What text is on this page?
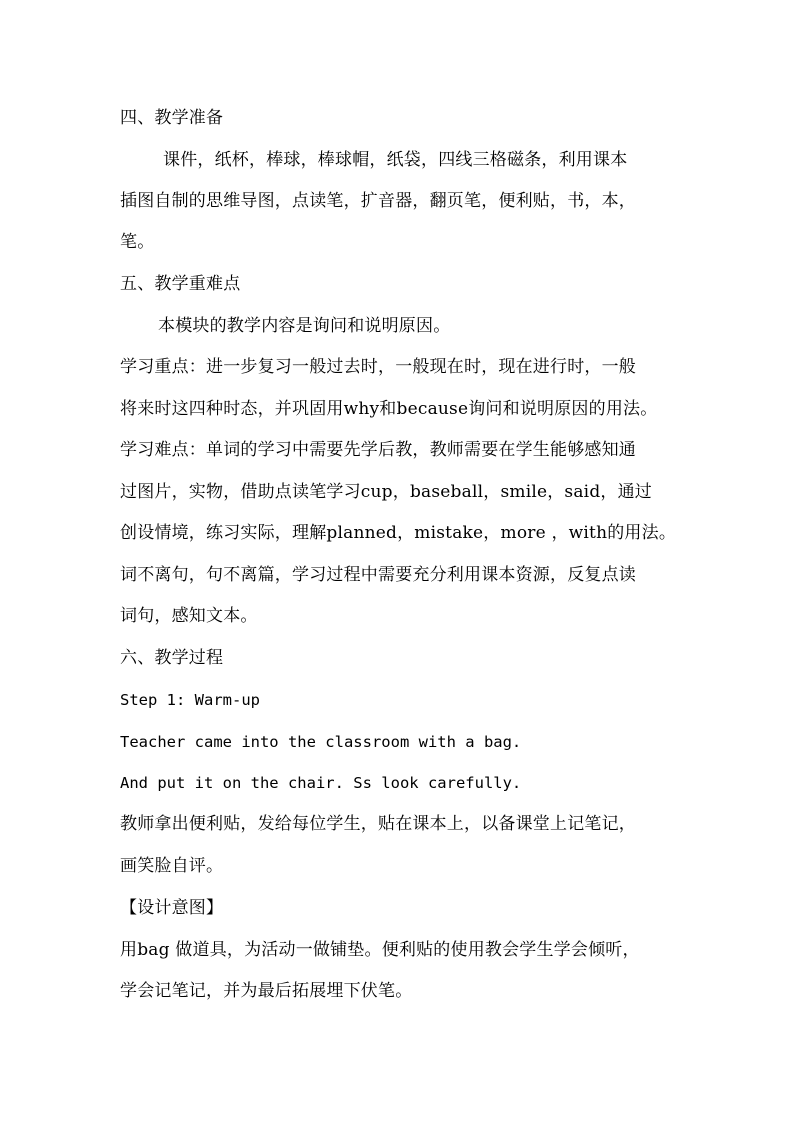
四、教学准备
课件，纸杯，棒球，棒球帽，纸袋，四线三格磁条，利用课本
插图自制的思维导图，点读笔，扩音器，翻页笔，便利贴，书，本，
笔。
五、教学重难点
本模块的教学内容是询问和说明原因。
学习重点：进一步复习一般过去时，一般现在时，现在进行时，一般
将来时这四种时态，并巩固用why和because询问和说明原因的用法。
学习难点：单词的学习中需要先学后教，教师需要在学生能够感知通
过图片，实物，借助点读笔学习cup，baseball，smile，said，通过
创设情境，练习实际，理解planned，mistake，more ，with的用法。
词不离句，句不离篇，学习过程中需要充分利用课本资源，反复点读
词句，感知文本。
六、教学过程
Step 1: Warm-up
Teacher came into the classroom with a bag.
And put it on the chair. Ss look carefully.
教师拿出便利贴，发给每位学生，贴在课本上，以备课堂上记笔记，
画笑脸自评。
【设计意图】
用bag 做道具，为活动一做铺垫。便利贴的使用教会学生学会倾听，
学会记笔记，并为最后拓展埋下伏笔。
